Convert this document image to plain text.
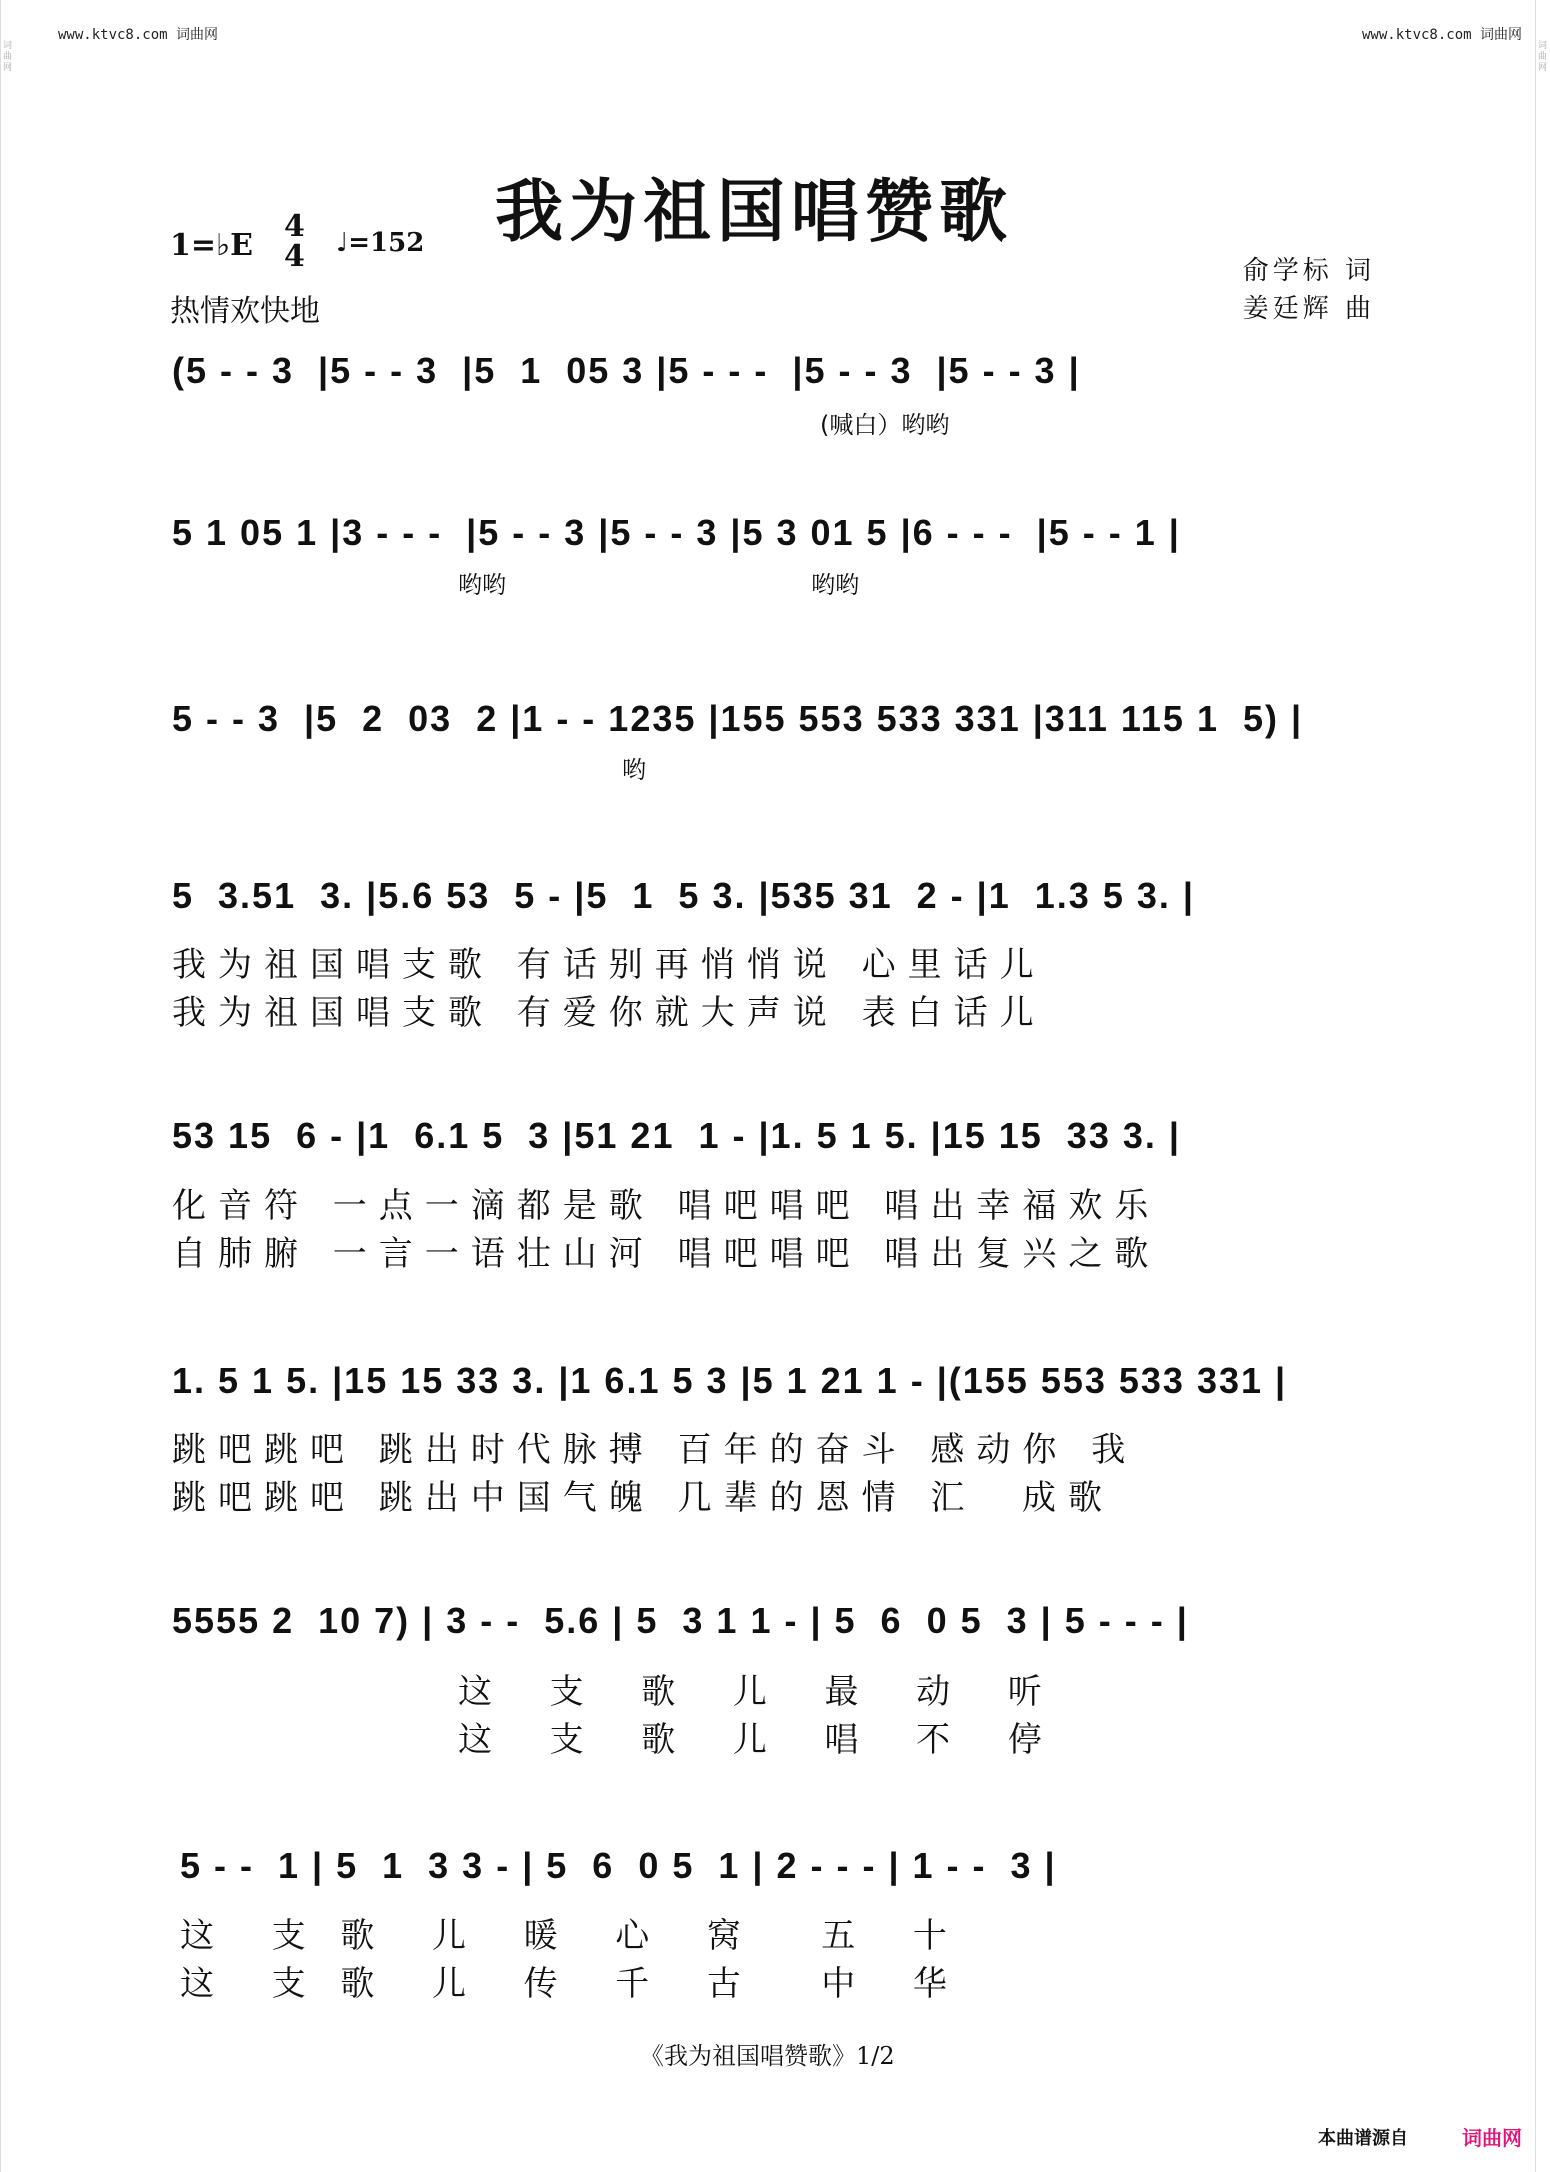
www.ktvc8.com 词曲网	www.ktvc8.com 词曲网
词曲网	词曲网
我为祖国唱赞歌
1=♭E
4
4 ♩=152
热情欢快地
俞学标 词
姜廷辉 曲
(5 - - 3  |5 - - 3  |5  1  05 3 |5 - - -  |5 - - 3  |5 - - 3 |
(喊白）哟哟
5 1 05 1 |3 - - -  |5 - - 3 |5 - - 3 |5 3 01 5 |6 - - -  |5 - - 1 |
哟哟                                        哟哟
5 - - 3  |5  2  03  2 |1 - - 1235 |155 553 533 331 |311 115 1  5) |
哟
5  3.51  3. |5.6 53  5 - |5  1  5 3. |535 31  2 - |1  1.3 5 3. |
我为祖国唱支歌 有话别再悄悄说 心里话儿
我为祖国唱支歌 有爱你就大声说 表白话儿
53 15  6 - |1  6.1 5  3 |51 21  1 - |1. 5 1 5. |15 15  33 3. |
化音符 一点一滴都是歌 唱吧唱吧 唱出幸福欢乐
自肺腑 一言一语壮山河 唱吧唱吧 唱出复兴之歌
1. 5 1 5. |15 15 33 3. |1 6.1 5 3 |5 1 21 1 - |(155 553 533 331 |
跳吧跳吧 跳出时代脉搏 百年的奋斗 感动你 我
跳吧跳吧 跳出中国气魄 几辈的恩情 汇  成歌
5555 2  10 7) | 3 - -  5.6 | 5  3 1 1 - | 5  6  0 5  3 | 5 - - - |
这  支  歌  儿  最  动  听
这  支  歌  儿  唱  不  停
5 - -  1 | 5  1  3 3 - | 5  6  0 5  1 | 2 - - - | 1 - -  3 |
这  支 歌  儿  暖  心  窝   五  十
这  支 歌  儿  传  千  古   中  华
《我为祖国唱赞歌》1/2
本曲谱源自	词曲网
